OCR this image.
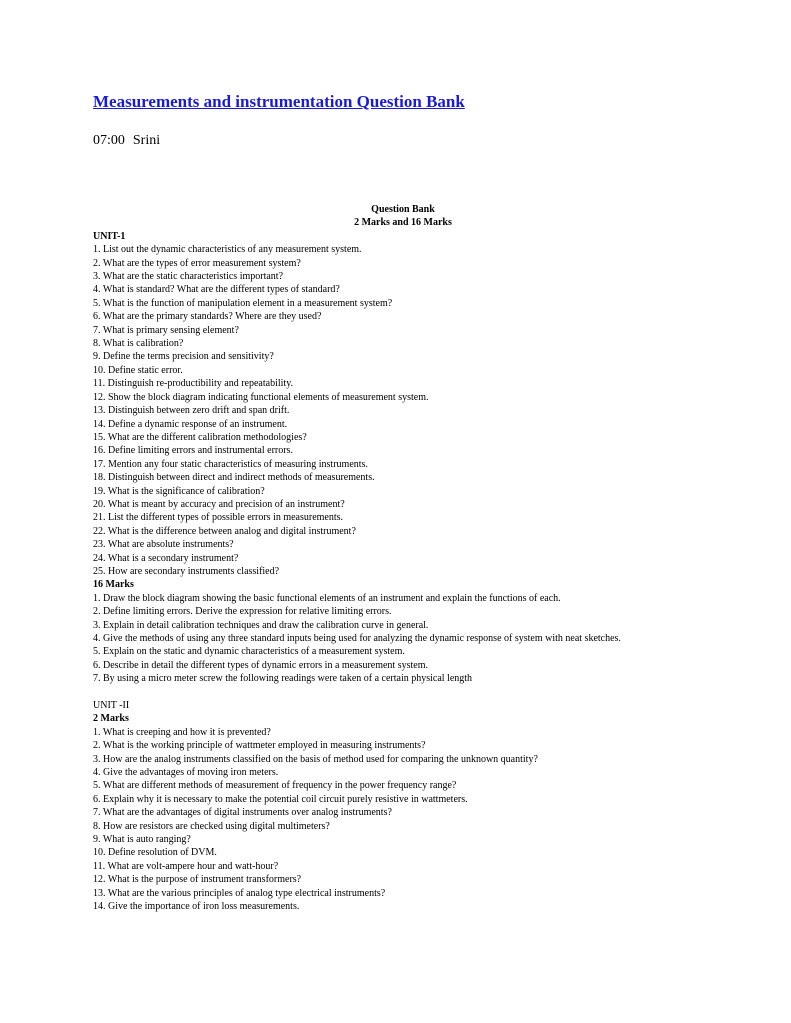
Measurements and instrumentation Question Bank
07:00 Srini
Question Bank
2 Marks and 16 Marks
UNIT-1
1. List out the dynamic characteristics of any measurement system.
2. What are the types of error measurement system?
3. What are the static characteristics important?
4. What is standard? What are the different types of standard?
5. What is the function of manipulation element in a measurement system?
6. What are the primary standards? Where are they used?
7. What is primary sensing element?
8. What is calibration?
9. Define the terms precision and sensitivity?
10. Define static error.
11. Distinguish re-productibility and repeatability.
12. Show the block diagram indicating functional elements of measurement system.
13. Distinguish between zero drift and span drift.
14. Define a dynamic response of an instrument.
15. What are the different calibration methodologies?
16. Define limiting errors and instrumental errors.
17. Mention any four static characteristics of measuring instruments.
18. Distinguish between direct and indirect methods of measurements.
19. What is the significance of calibration?
20. What is meant by accuracy and precision of an instrument?
21. List the different types of possible errors in measurements.
22. What is the difference between analog and digital instrument?
23. What are absolute instruments?
24. What is a secondary instrument?
25. How are secondary instruments classified?
16 Marks
1. Draw the block diagram showing the basic functional elements of an instrument and explain the functions of each.
2. Define limiting errors. Derive the expression for relative limiting errors.
3. Explain in detail calibration techniques and draw the calibration curve in general.
4. Give the methods of using any three standard inputs being used for analyzing the dynamic response of system with neat sketches.
5. Explain on the static and dynamic characteristics of a measurement system.
6. Describe in detail the different types of dynamic errors in a measurement system.
7. By using a micro meter screw the following readings were taken of a certain physical length
UNIT -II
2 Marks
1. What is creeping and how it is prevented?
2. What is the working principle of wattmeter employed in measuring instruments?
3. How are the analog instruments classified on the basis of method used for comparing the unknown quantity?
4. Give the advantages of moving iron meters.
5. What are different methods of measurement of frequency in the power frequency range?
6. Explain why it is necessary to make the potential coil circuit purely resistive in wattmeters.
7. What are the advantages of digital instruments over analog instruments?
8. How are resistors are checked using digital multimeters?
9. What is auto ranging?
10. Define resolution of DVM.
11. What are volt-ampere hour and watt-hour?
12. What is the purpose of instrument transformers?
13. What are the various principles of analog type electrical instruments?
14. Give the importance of iron loss measurements.
